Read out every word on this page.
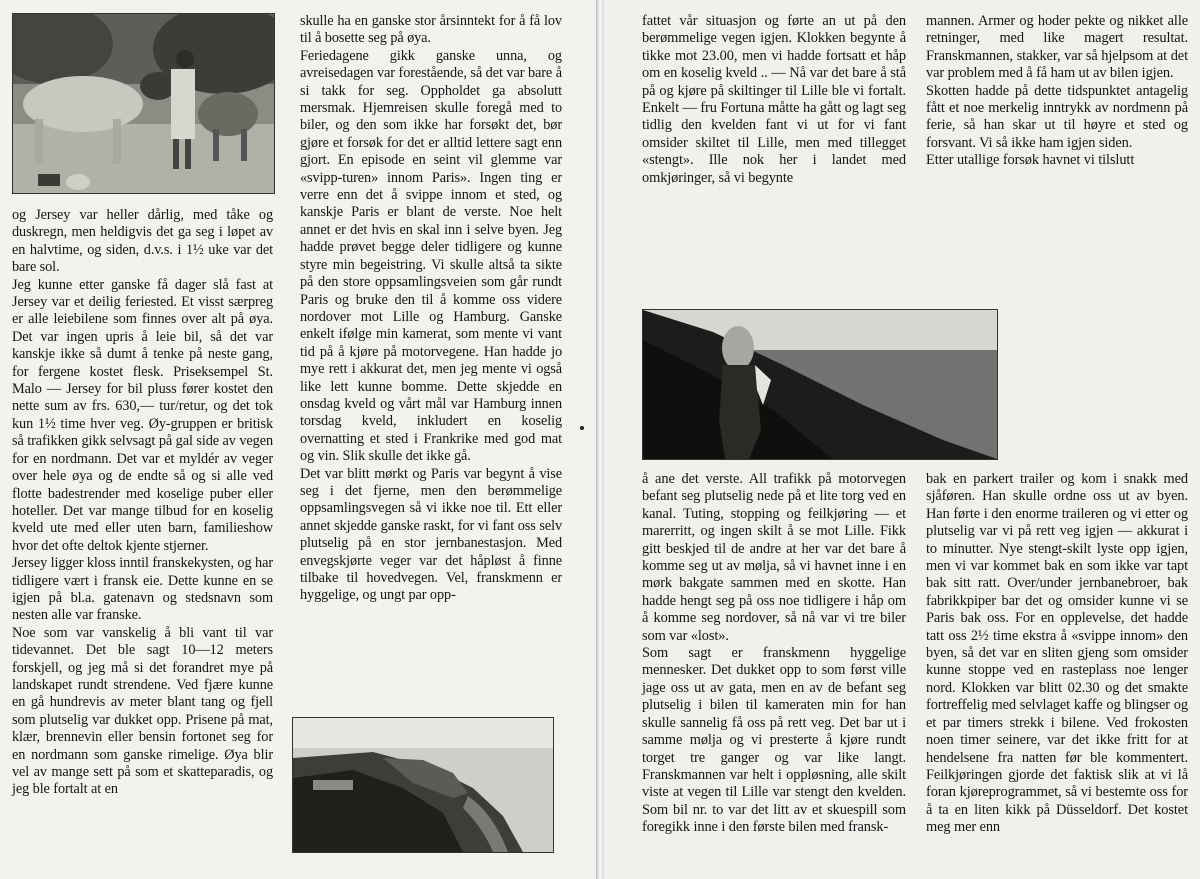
og Jersey var heller dårlig, med tåke og duskregn, men heldigvis det ga seg i løpet av en halvtime, og siden, d.v.s. i 1½ uke var det bare sol.
Jeg kunne etter ganske få dager slå fast at Jersey var et deilig feriested. Et visst særpreg er alle leiebilene som finnes over alt på øya. Det var ingen upris å leie bil, så det var kanskje ikke så dumt å tenke på neste gang, for fergene kostet flesk. Priseksempel St. Malo — Jersey for bil pluss fører kostet den nette sum av frs. 630,— tur/retur, og det tok kun 1½ time hver veg. Øy-gruppen er britisk så trafikken gikk selvsagt på gal side av vegen for en nordmann. Det var et myldér av veger over hele øya og de endte så og si alle ved flotte badestrender med koselige puber eller hoteller. Det var mange tilbud for en koselig kveld ute med eller uten barn, familieshow hvor det ofte deltok kjente stjerner.
Jersey ligger kloss inntil franskekysten, og har tidligere vært i fransk eie. Dette kunne en se igjen på bl.a. gatenavn og stedsnavn som nesten alle var franske.
Noe som var vanskelig å bli vant til var tidevannet. Det ble sagt 10—12 meters forskjell, og jeg må si det forandret mye på landskapet rundt strendene. Ved fjære kunne en gå hundrevis av meter blant tang og fjell som plutselig var dukket opp. Prisene på mat, klær, brennevin eller bensin fortonet seg for en nordmann som ganske rimelige. Øya blir vel av mange sett på som et skatteparadis, og jeg ble fortalt at en
skulle ha en ganske stor årsinntekt for å få lov til å bosette seg på øya.
Feriedagene gikk ganske unna, og avreisedagen var forestående, så det var bare å si takk for seg. Oppholdet ga absolutt mersmak. Hjemreisen skulle foregå med to biler, og den som ikke har forsøkt det, bør gjøre et forsøk for det er alltid lettere sagt enn gjort. En episode en seint vil glemme var «svipp-turen» innom Paris». Ingen ting er verre enn det å svippe innom et sted, og kanskje Paris er blant de verste. Noe helt annet er det hvis en skal inn i selve byen. Jeg hadde prøvet begge deler tidligere og kunne styre min begeistring. Vi skulle altså ta sikte på den store oppsamlingsveien som går rundt Paris og bruke den til å komme oss videre nordover mot Lille og Hamburg. Ganske enkelt ifølge min kamerat, som mente vi vant tid på å kjøre på motorvegene. Han hadde jo mye rett i akkurat det, men jeg mente vi også like lett kunne bomme. Dette skjedde en onsdag kveld og vårt mål var Hamburg innen torsdag kveld, inkludert en koselig overnatting et sted i Frankrike med god mat og vin. Slik skulle det ikke gå.
Det var blitt mørkt og Paris var begynt å vise seg i det fjerne, men den berømmelige oppsamlingsvegen så vi ikke noe til. Ett eller annet skjedde ganske raskt, for vi fant oss selv plutselig på en stor jernbanestasjon. Med envegskjørte veger var det håpløst å finne tilbake til hovedvegen. Vel, franskmenn er hyggelige, og ungt par opp-
fattet vår situasjon og førte an ut på den berømmelige vegen igjen. Klokken begynte å tikke mot 23.00, men vi hadde fortsatt et håp om en koselig kveld .. — Nå var det bare å stå på og kjøre på skiltinger til Lille ble vi fortalt. Enkelt — fru Fortuna måtte ha gått og lagt seg tidlig den kvelden fant vi ut for vi fant omsider skiltet til Lille, men med tillegget «stengt». Ille nok her i landet med omkjøringer, så vi begynte
mannen. Armer og hoder pekte og nikket alle retninger, med like magert resultat. Franskmannen, stakker, var så hjelpsom at det var problem med å få ham ut av bilen igjen.
Skotten hadde på dette tidspunktet antagelig fått et noe merkelig inntrykk av nordmenn på ferie, så han skar ut til høyre et sted og forsvant. Vi så ikke ham igjen siden.
Etter utallige forsøk havnet vi tilslutt
å ane det verste. All trafikk på motorvegen befant seg plutselig nede på et lite torg ved en kanal. Tuting, stopping og feilkjøring — et marerritt, og ingen skilt å se mot Lille. Fikk gitt beskjed til de andre at her var det bare å komme seg ut av mølja, så vi havnet inne i en mørk bakgate sammen med en skotte. Han hadde hengt seg på oss noe tidligere i håp om å komme seg nordover, så nå var vi tre biler som var «lost».
Som sagt er franskmenn hyggelige mennesker. Det dukket opp to som først ville jage oss ut av gata, men en av de befant seg plutselig i bilen til kameraten min for han skulle sannelig få oss på rett veg. Det bar ut i samme mølja og vi presterte å kjøre rundt torget tre ganger og var like langt. Franskmannen var helt i oppløsning, alle skilt viste at vegen til Lille var stengt den kvelden. Som bil nr. to var det litt av et skuespill som foregikk inne i den første bilen med fransk-
bak en parkert trailer og kom i snakk med sjåføren. Han skulle ordne oss ut av byen. Han førte i den enorme traileren og vi etter og plutselig var vi på rett veg igjen — akkurat i to minutter. Nye stengt-skilt lyste opp igjen, men vi var kommet bak en som ikke var tapt bak sitt ratt. Over/under jernbanebroer, bak fabrikkpiper bar det og omsider kunne vi se Paris bak oss. For en opplevelse, det hadde tatt oss 2½ time ekstra å «svippe innom» den byen, så det var en sliten gjeng som omsider kunne stoppe ved en rasteplass noe lenger nord. Klokken var blitt 02.30 og det smakte fortreffelig med selvlaget kaffe og blingser og et par timers strekk i bilene. Ved frokosten noen timer seinere, var det ikke fritt for at hendelsene fra natten før ble kommentert. Feilkjøringen gjorde det faktisk slik at vi lå foran kjøreprogrammet, så vi bestemte oss for å ta en liten kikk på Düsseldorf. Det kostet meg mer enn
